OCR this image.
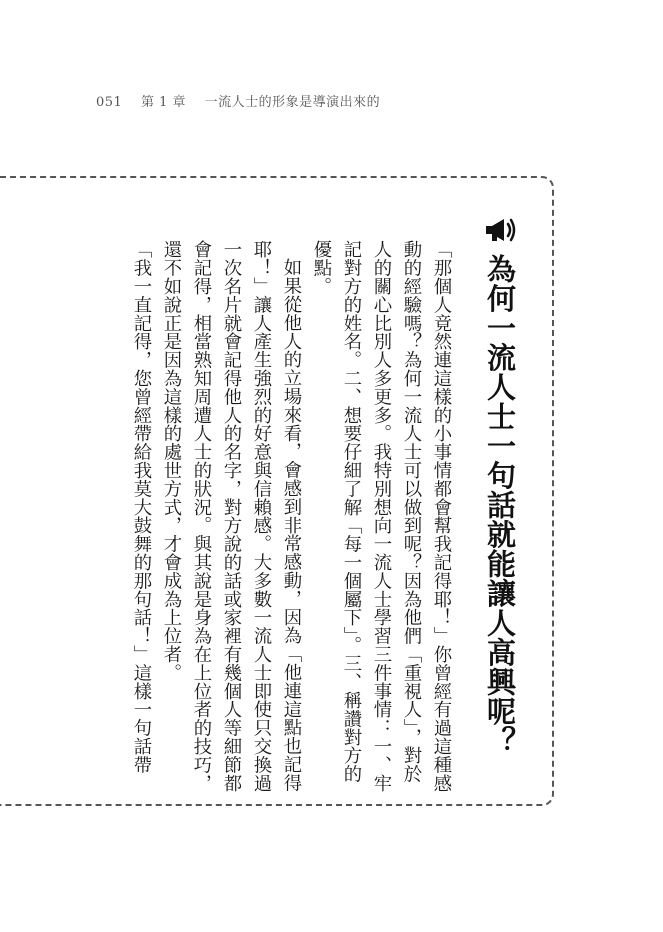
051 第 1 章 一流人士的形象是導演出來的
為何一流人士一句話就能讓人高興呢？

「那個人竟然連這樣的小事情都會幫我記得耶！」你曾經有過這種感動的經驗嗎？為何一流人士可以做到呢？因為他們「重視人」，對於人的關心比別人多更多。我特別想向一流人士學習三件事情：一、牢記對方的姓名。二、想要仔細了解「每一個屬下」。三、稱讚對方的優點。

如果從他人的立場來看，會感到非常感動，因為「他連這點也記得耶！」讓人產生強烈的好意與信賴感。大多數一流人士即使只交換過一次名片就會記得他人的名字，對方說的話或家裡有幾個人等細節都會記得，相當熟知周遭人士的狀況。與其說是身為在上位者的技巧，還不如說正是因為這樣的處世方式，才會成為上位者。

「我一直記得，您曾經帶給我莫大鼓舞的那句話！」這樣一句話帶
